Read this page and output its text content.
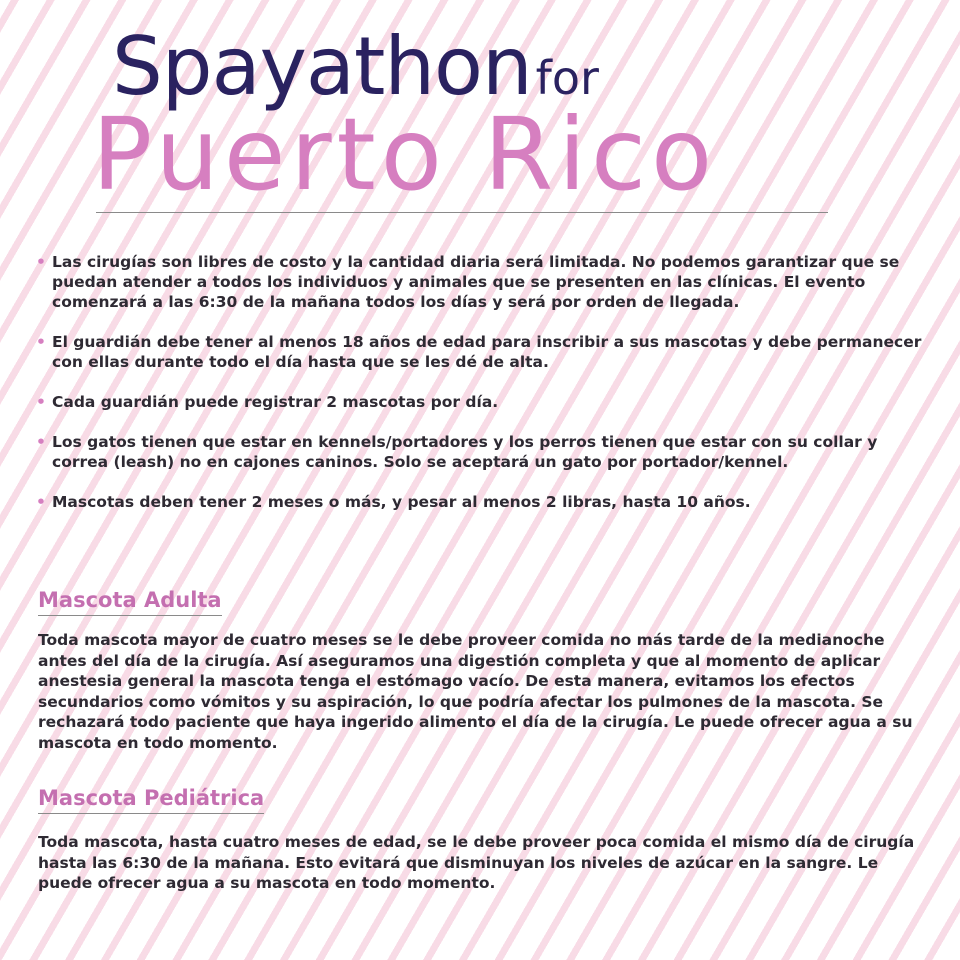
Spayathonfor
Puerto Rico
• Las cirugías son libres de costo y la cantidad diaria será limitada. No podemos garantizar que se puedan atender a todos los individuos y animales que se presenten en las clínicas. El evento comenzará a las 6:30 de la mañana todos los días y será por orden de llegada.
• El guardián debe tener al menos 18 años de edad para inscribir a sus mascotas y debe permanecer con ellas durante todo el día hasta que se les dé de alta.
• Cada guardián puede registrar 2 mascotas por día.
• Los gatos tienen que estar en kennels/portadores y los perros tienen que estar con su collar y correa (leash) no en cajones caninos. Solo se aceptará un gato por portador/kennel.
• Mascotas deben tener 2 meses o más, y pesar al menos 2 libras, hasta 10 años.
Mascota Adulta

Toda mascota mayor de cuatro meses se le debe proveer comida no más tarde de la medianoche antes del día de la cirugía. Así aseguramos una digestión completa y que al momento de aplicar anestesia general la mascota tenga el estómago vacío. De esta manera, evitamos los efectos secundarios como vómitos y su aspiración, lo que podría afectar los pulmones de la mascota. Se rechazará todo paciente que haya ingerido alimento el día de la cirugía. Le puede ofrecer agua a su mascota en todo momento.

Mascota Pediátrica

Toda mascota, hasta cuatro meses de edad, se le debe proveer poca comida el mismo día de cirugía hasta las 6:30 de la mañana. Esto evitará que disminuyan los niveles de azúcar en la sangre. Le puede ofrecer agua a su mascota en todo momento.
